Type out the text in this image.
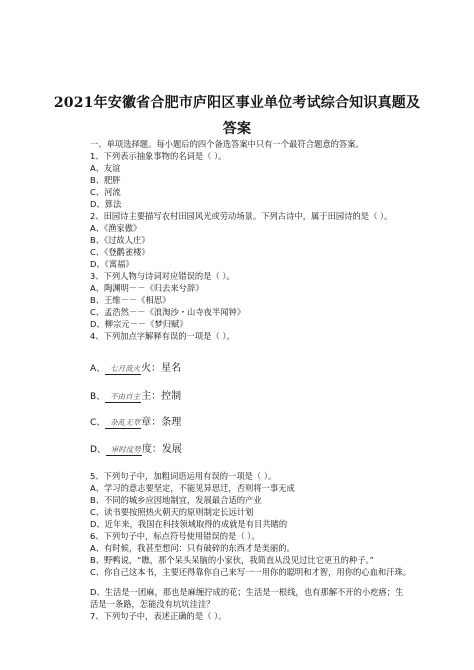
2021年安徽省合肥市庐阳区事业单位考试综合知识真题及
答案
一、单项选择题。每小题后的四个备选答案中只有一个最符合题意的答案。
1、下列表示抽象事物的名词是（ ）。
A、友谊
B、肥胖
C、河流
D、算法
2、田园诗主要描写农村田园风光或劳动场景。下列古诗中，属于田园诗的是（ ）。
A、《渔家傲》
B、《过故人庄》
C、《登鹳雀楼》
D、《寓福》
3、下列人物与诗词对应错误的是（ ）。
A、陶渊明－－《归去来兮辞》
B、王维－－《相思》
C、孟浩然－－《浪淘沙・山寺夜半闻钟》
D、柳宗元－－《梦归赋》
4、下列加点字解释有误的一项是（ ）。
A、 七月流火火：星名
B、 不由自主主：控制
C、 杂乱无章章：条理
D、 审时度势度：发展
5、下列句子中，加粗词语运用有误的一项是（ ）。
A、学习的意志要坚定，不能见异思迁，否则将一事无成
B、不同的城乡应因地制宜，发展最合适的产业
C、读书要按照热火朝天的原则制定长远计划
D、近年来，我国在科技领域取得的成就是有目共睹的
6、下列句子中，标点符号使用错误的是（ ）。
A、有时候，我甚至想问：只有破碎的东西才是美丽的。
B、野鸭说，“瞧，那个呆头呆脑的小家伙，我简直从没见过比它更丑的种子。”
C、你自己这本书，主要还得靠你自己来写一一用你的聪明和才智，用你的心血和汗珠。
D、生活是一团麻，那也是麻缠拧成的花；生活是一根线，也有那解不开的小疙瘩；生
活是一条路，怎能没有坑坑洼洼？
7、下列句子中，表述正确的是（ ）。
